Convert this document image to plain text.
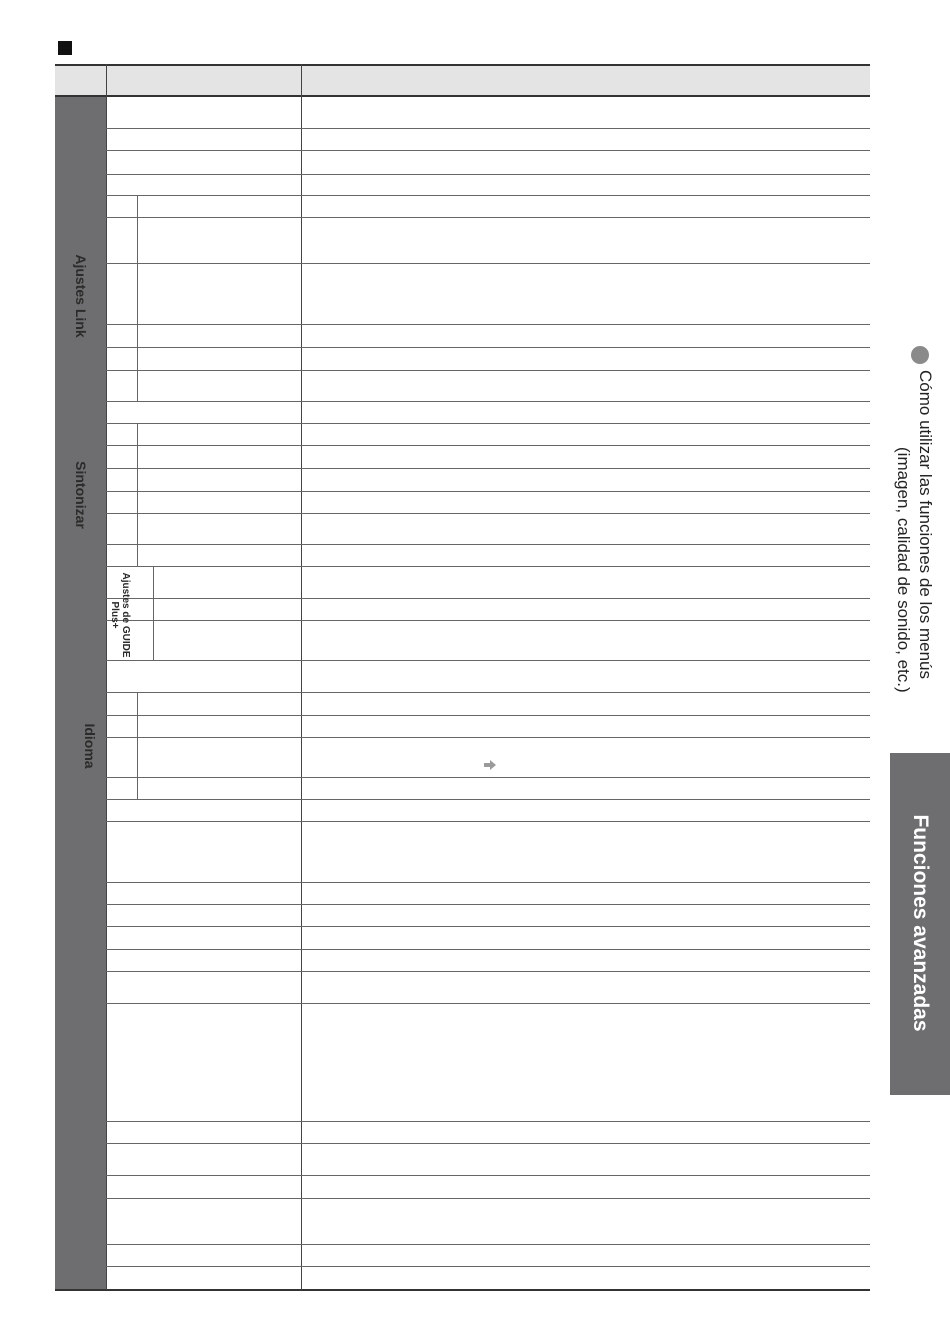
Configuración
Ajustes Link
Sintonizar
Ajustes de GUIDE Plus+
Idioma
Cómo utilizar las funciones de los menús
(imagen, calidad de sonido, etc.)
Funciones avanzadas
